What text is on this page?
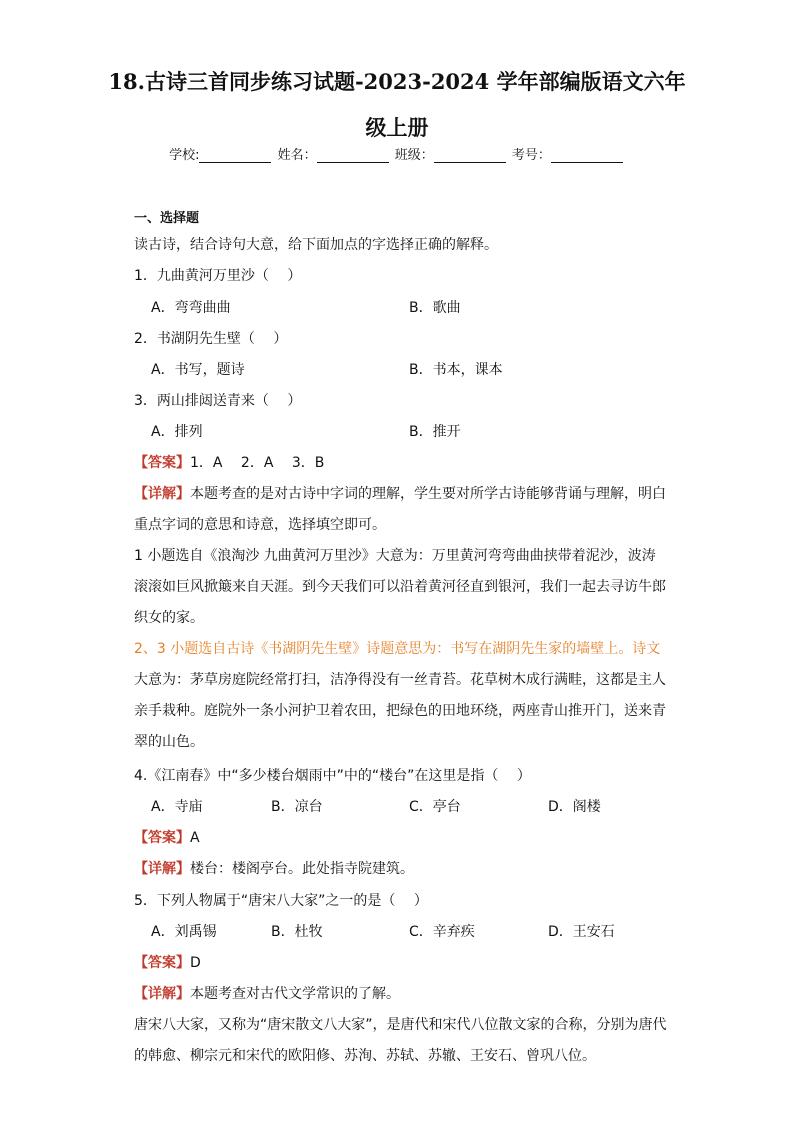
18.古诗三首同步练习试题-2023-2024 学年部编版语文六年
级上册
学校:	姓名：	班级：	考号：
一、选择题
读古诗，结合诗句大意，给下面加点的字选择正确的解释。
1．九曲黄河万里沙（　 ）
A．弯弯曲曲	B．歌曲
2．书湖阴先生壁（　 ）
A．书写，题诗	B．书本，课本
3．两山排闼送青来（　 ）
A．排列	B．推开
【答案】1．A　 2．A　 3．B
【详解】本题考查的是对古诗中字词的理解，学生要对所学古诗能够背诵与理解，明白
重点字词的意思和诗意，选择填空即可。
1 小题选自《浪淘沙 九曲黄河万里沙》大意为：万里黄河弯弯曲曲挟带着泥沙，波涛
滚滚如巨风掀簸来自天涯。到今天我们可以沿着黄河径直到银河，我们一起去寻访牛郎
织女的家。
2、3 小题选自古诗《书湖阴先生壁》诗题意思为：书写在湖阴先生家的墙壁上。诗文
大意为：茅草房庭院经常打扫，洁净得没有一丝青苔。花草树木成行满畦，这都是主人
亲手栽种。庭院外一条小河护卫着农田，把绿色的田地环绕，两座青山推开门，送来青
翠的山色。
4.《江南春》中“多少楼台烟雨中”中的“楼台”在这里是指（　 ）
A．寺庙	B．凉台	C．亭台	D．阁楼
【答案】A
【详解】楼台：楼阁亭台。此处指寺院建筑。
5．下列人物属于“唐宋八大家”之一的是（　 ）
A．刘禹锡	B．杜牧	C．辛弃疾	D．王安石
【答案】D
【详解】本题考查对古代文学常识的了解。
唐宋八大家，又称为“唐宋散文八大家”，是唐代和宋代八位散文家的合称，分别为唐代
的韩愈、柳宗元和宋代的欧阳修、苏洵、苏轼、苏辙、王安石、曾巩八位。
